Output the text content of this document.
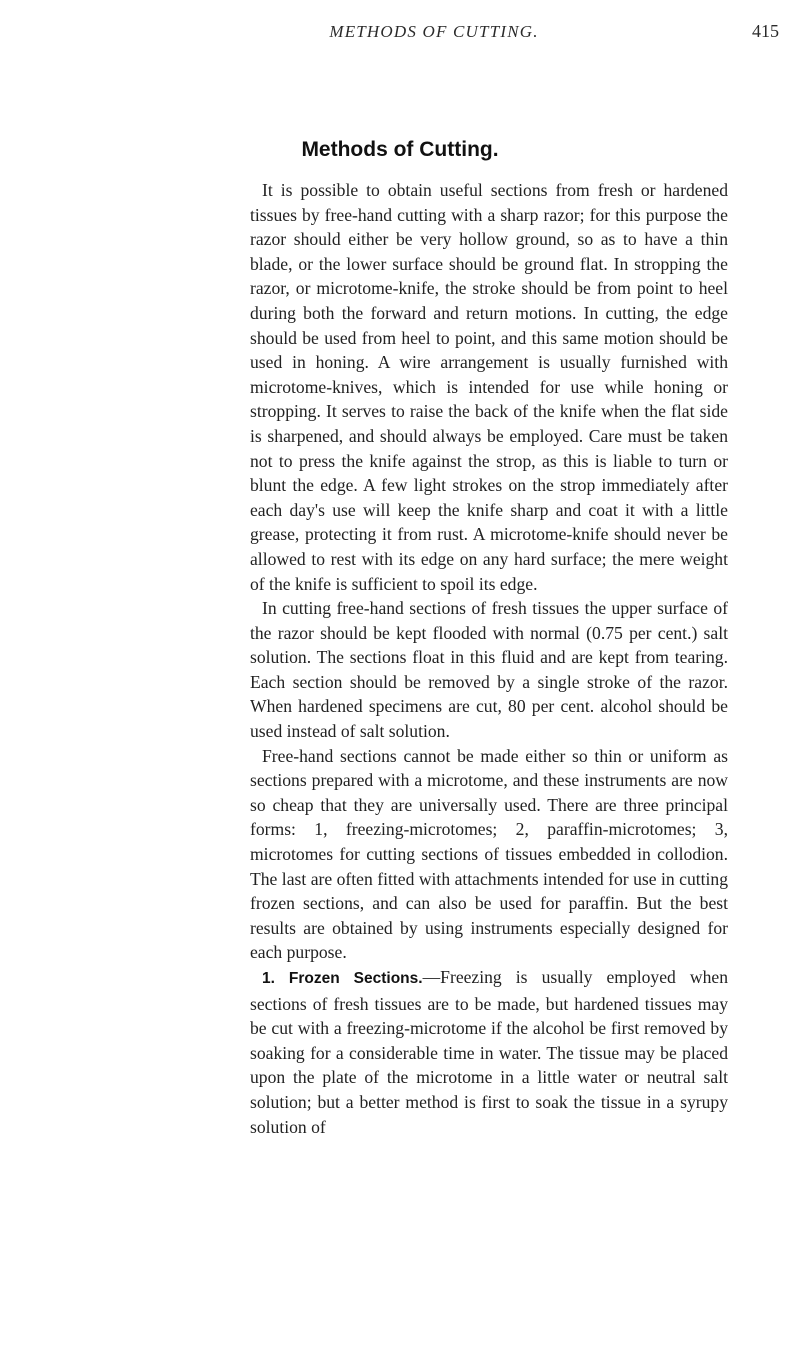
METHODS OF CUTTING.	415
Methods of Cutting.

It is possible to obtain useful sections from fresh or hardened tissues by free-hand cutting with a sharp razor; for this purpose the razor should either be very hollow ground, so as to have a thin blade, or the lower surface should be ground flat. In stropping the razor, or microtome-knife, the stroke should be from point to heel during both the forward and return motions. In cutting, the edge should be used from heel to point, and this same motion should be used in honing. A wire arrangement is usually furnished with microtome-knives, which is intended for use while honing or stropping. It serves to raise the back of the knife when the flat side is sharpened, and should always be employed. Care must be taken not to press the knife against the strop, as this is liable to turn or blunt the edge. A few light strokes on the strop immediately after each day's use will keep the knife sharp and coat it with a little grease, protecting it from rust. A microtome-knife should never be allowed to rest with its edge on any hard surface; the mere weight of the knife is sufficient to spoil its edge.

In cutting free-hand sections of fresh tissues the upper surface of the razor should be kept flooded with normal (0.75 per cent.) salt solution. The sections float in this fluid and are kept from tearing. Each section should be removed by a single stroke of the razor. When hardened specimens are cut, 80 per cent. alcohol should be used instead of salt solution.

Free-hand sections cannot be made either so thin or uniform as sections prepared with a microtome, and these instruments are now so cheap that they are universally used. There are three principal forms: 1, freezing-microtomes; 2, paraffin-microtomes; 3, microtomes for cutting sections of tissues embedded in collodion. The last are often fitted with attachments intended for use in cutting frozen sections, and can also be used for paraffin. But the best results are obtained by using instruments especially designed for each purpose.

1. Frozen Sections.—Freezing is usually employed when sections of fresh tissues are to be made, but hardened tissues may be cut with a freezing-microtome if the alcohol be first removed by soaking for a considerable time in water. The tissue may be placed upon the plate of the microtome in a little water or neutral salt solution; but a better method is first to soak the tissue in a syrupy solution of
